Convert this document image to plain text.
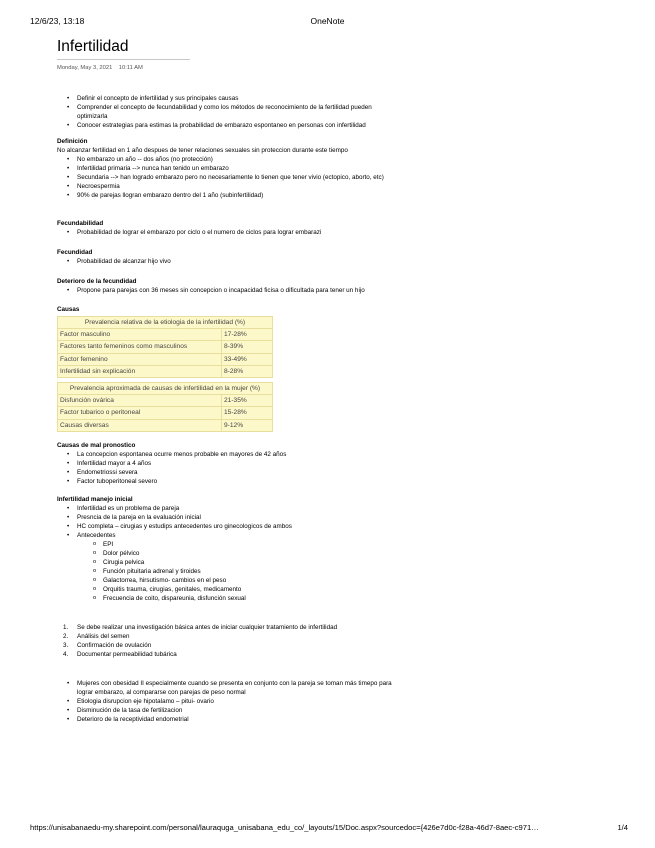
12/6/23, 13:18	OneNote
Infertilidad
Monday, May 3, 2021 10:11 AM
• Definir el concepto de infertilidad y sus principales causas
• Comprender el concepto de fecundabilidad y como los métodos de reconocimiento de la fertilidad pueden optimizarla
• Conocer estrategias para estimas la probabilidad de embarazo espontaneo en personas con infertilidad
Definición
No alcanzar fertilidad en 1 año despues de tener relaciones sexuales sin proteccion durante este tiempo
• No embarazo un año -- dos años (no protección)
• Infertilidad primaria --> nunca han tenido un embarazo
• Secundaria --> han logrado embarazo pero no necesariamente lo tienen que tener vivio (ectopico, aborto, etc)
• Necroespermia
• 90% de parejas llogran embarazo dentro del 1 año (subinfertilidad)
Fecundabilidad
• Probabilidad de lograr el embarazo por ciclo o el numero de ciclos para lograr embarazi
Fecundidad
• Probabilidad de alcanzar hijo vivo
Deterioro de la fecundidad
• Propone para parejas con 36 meses sin concepcion o incapacidad ficisa o dificultada para tener un hijo
Causas
Prevalencia relativa de la etiologia de la infertilidad (%)	
Factor masculino	17-28%
Factores tanto femeninos como masculinos	8-39%
Factor femenino	33-49%
Infertilidad sin explicación	8-28%

Prevalencia aproximada de causas de infertilidad en la mujer (%)	
Disfunción ovárica	21-35%
Factor tubarico o peritoneal	15-28%
Causas diversas	9-12%
Causas de mal pronostico
• La concepcion espontanea ocurre menos probable en mayores de 42 años
• Infertilidad mayor a 4 años
• Endometriossi severa
• Factor tuboperitoneal severo
Infertilidad manejo inicial
• Infertilidad es un problema de pareja
• Presncia de la pareja en la evaluación inicial
• HC completa – cirugias y estudips antecedentes uro ginecologicos de ambos
• Antecedentes
o EPI
o Dolor pélvico
o Cirugia pelvica
o Función pituitaria adrenal y tiroides
o Galactorrea, hirsutismo- cambios en el peso
o Orquitis trauma, cirugias, genitales, medicamento
o Frecuencia de coito, dispareunia, disfunción sexual
1. Se debe realizar una investigación básica antes de iniciar cualquier tratamiento de infertilidad
2. Análisis del semen
3. Confirmación de ovulación
4. Documentar permeabilidad tubárica
• Mujeres con obesidad II especialmente cuando se presenta en conjunto con la pareja se toman más timepo para lograr embarazo, al compararse con parejas de peso normal
• Etiologia disrupcion eje hipotalamo – pitui- ovario
• Disminución de la tasa de fertilizacion
• Deterioro de la receptividad endometrial
https://unisabanaedu-my.sharepoint.com/personal/lauraquga_unisabana_edu_co/_layouts/15/Doc.aspx?sourcedoc={426e7d0c-f28a-46d7-8aec-c971…	1/4
